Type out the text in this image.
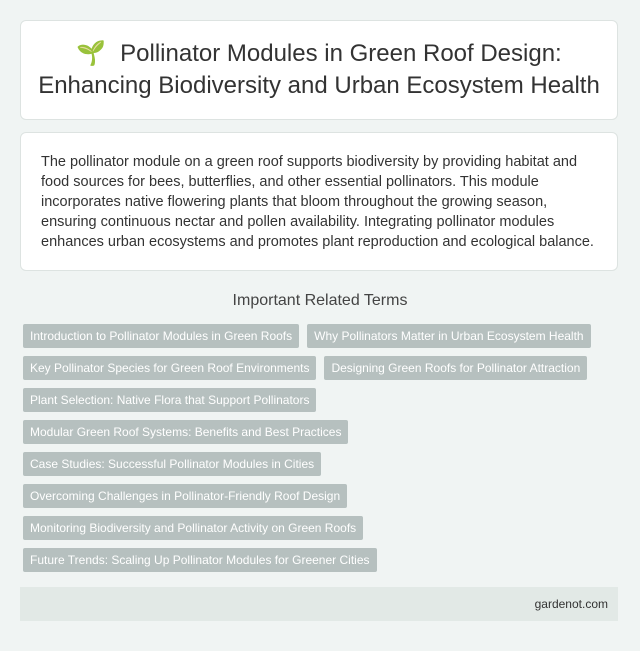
🌱 Pollinator Modules in Green Roof Design: Enhancing Biodiversity and Urban Ecosystem Health

The pollinator module on a green roof supports biodiversity by providing habitat and food sources for bees, butterflies, and other essential pollinators. This module incorporates native flowering plants that bloom throughout the growing season, ensuring continuous nectar and pollen availability. Integrating pollinator modules enhances urban ecosystems and promotes plant reproduction and ecological balance.

Important Related Terms
Introduction to Pollinator Modules in Green Roofs	Why Pollinators Matter in Urban Ecosystem Health
Key Pollinator Species for Green Roof Environments	Designing Green Roofs for Pollinator Attraction
Plant Selection: Native Flora that Support Pollinators
Modular Green Roof Systems: Benefits and Best Practices
Case Studies: Successful Pollinator Modules in Cities
Overcoming Challenges in Pollinator-Friendly Roof Design
Monitoring Biodiversity and Pollinator Activity on Green Roofs
Future Trends: Scaling Up Pollinator Modules for Greener Cities
gardenot.com
